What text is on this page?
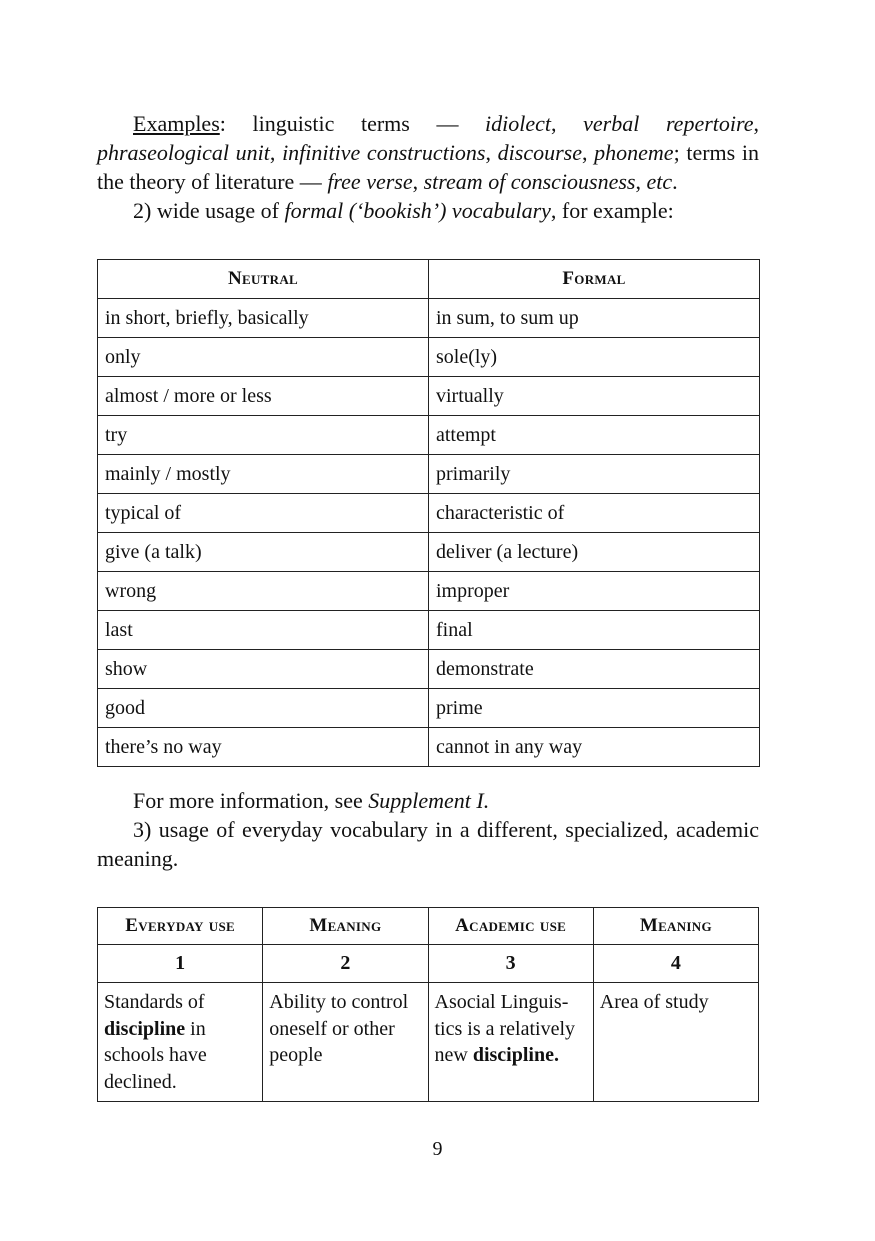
Examples: linguistic terms — idiolect, verbal repertoire, phraseological unit, infinitive constructions, discourse, phoneme; terms in the theory of literature — free verse, stream of consciousness, etc.

2) wide usage of formal (‘bookish’) vocabulary, for example:

Neutral	Formal
in short, briefly, basically	in sum, to sum up
only	sole(ly)
almost / more or less	virtually
try	attempt
mainly / mostly	primarily
typical of	characteristic of
give (a talk)	deliver (a lecture)
wrong	improper
last	final
show	demonstrate
good	prime
there’s no way	cannot in any way

For more information, see Supplement I.

3) usage of everyday vocabulary in a different, specialized, academic meaning.

Everyday use	Meaning	Academic use	Meaning
1	2	3	4
Standards of discipline in schools have declined.	Ability to control oneself or other people	Asocial Linguis-tics is a relatively new discipline.	Area of study
9
